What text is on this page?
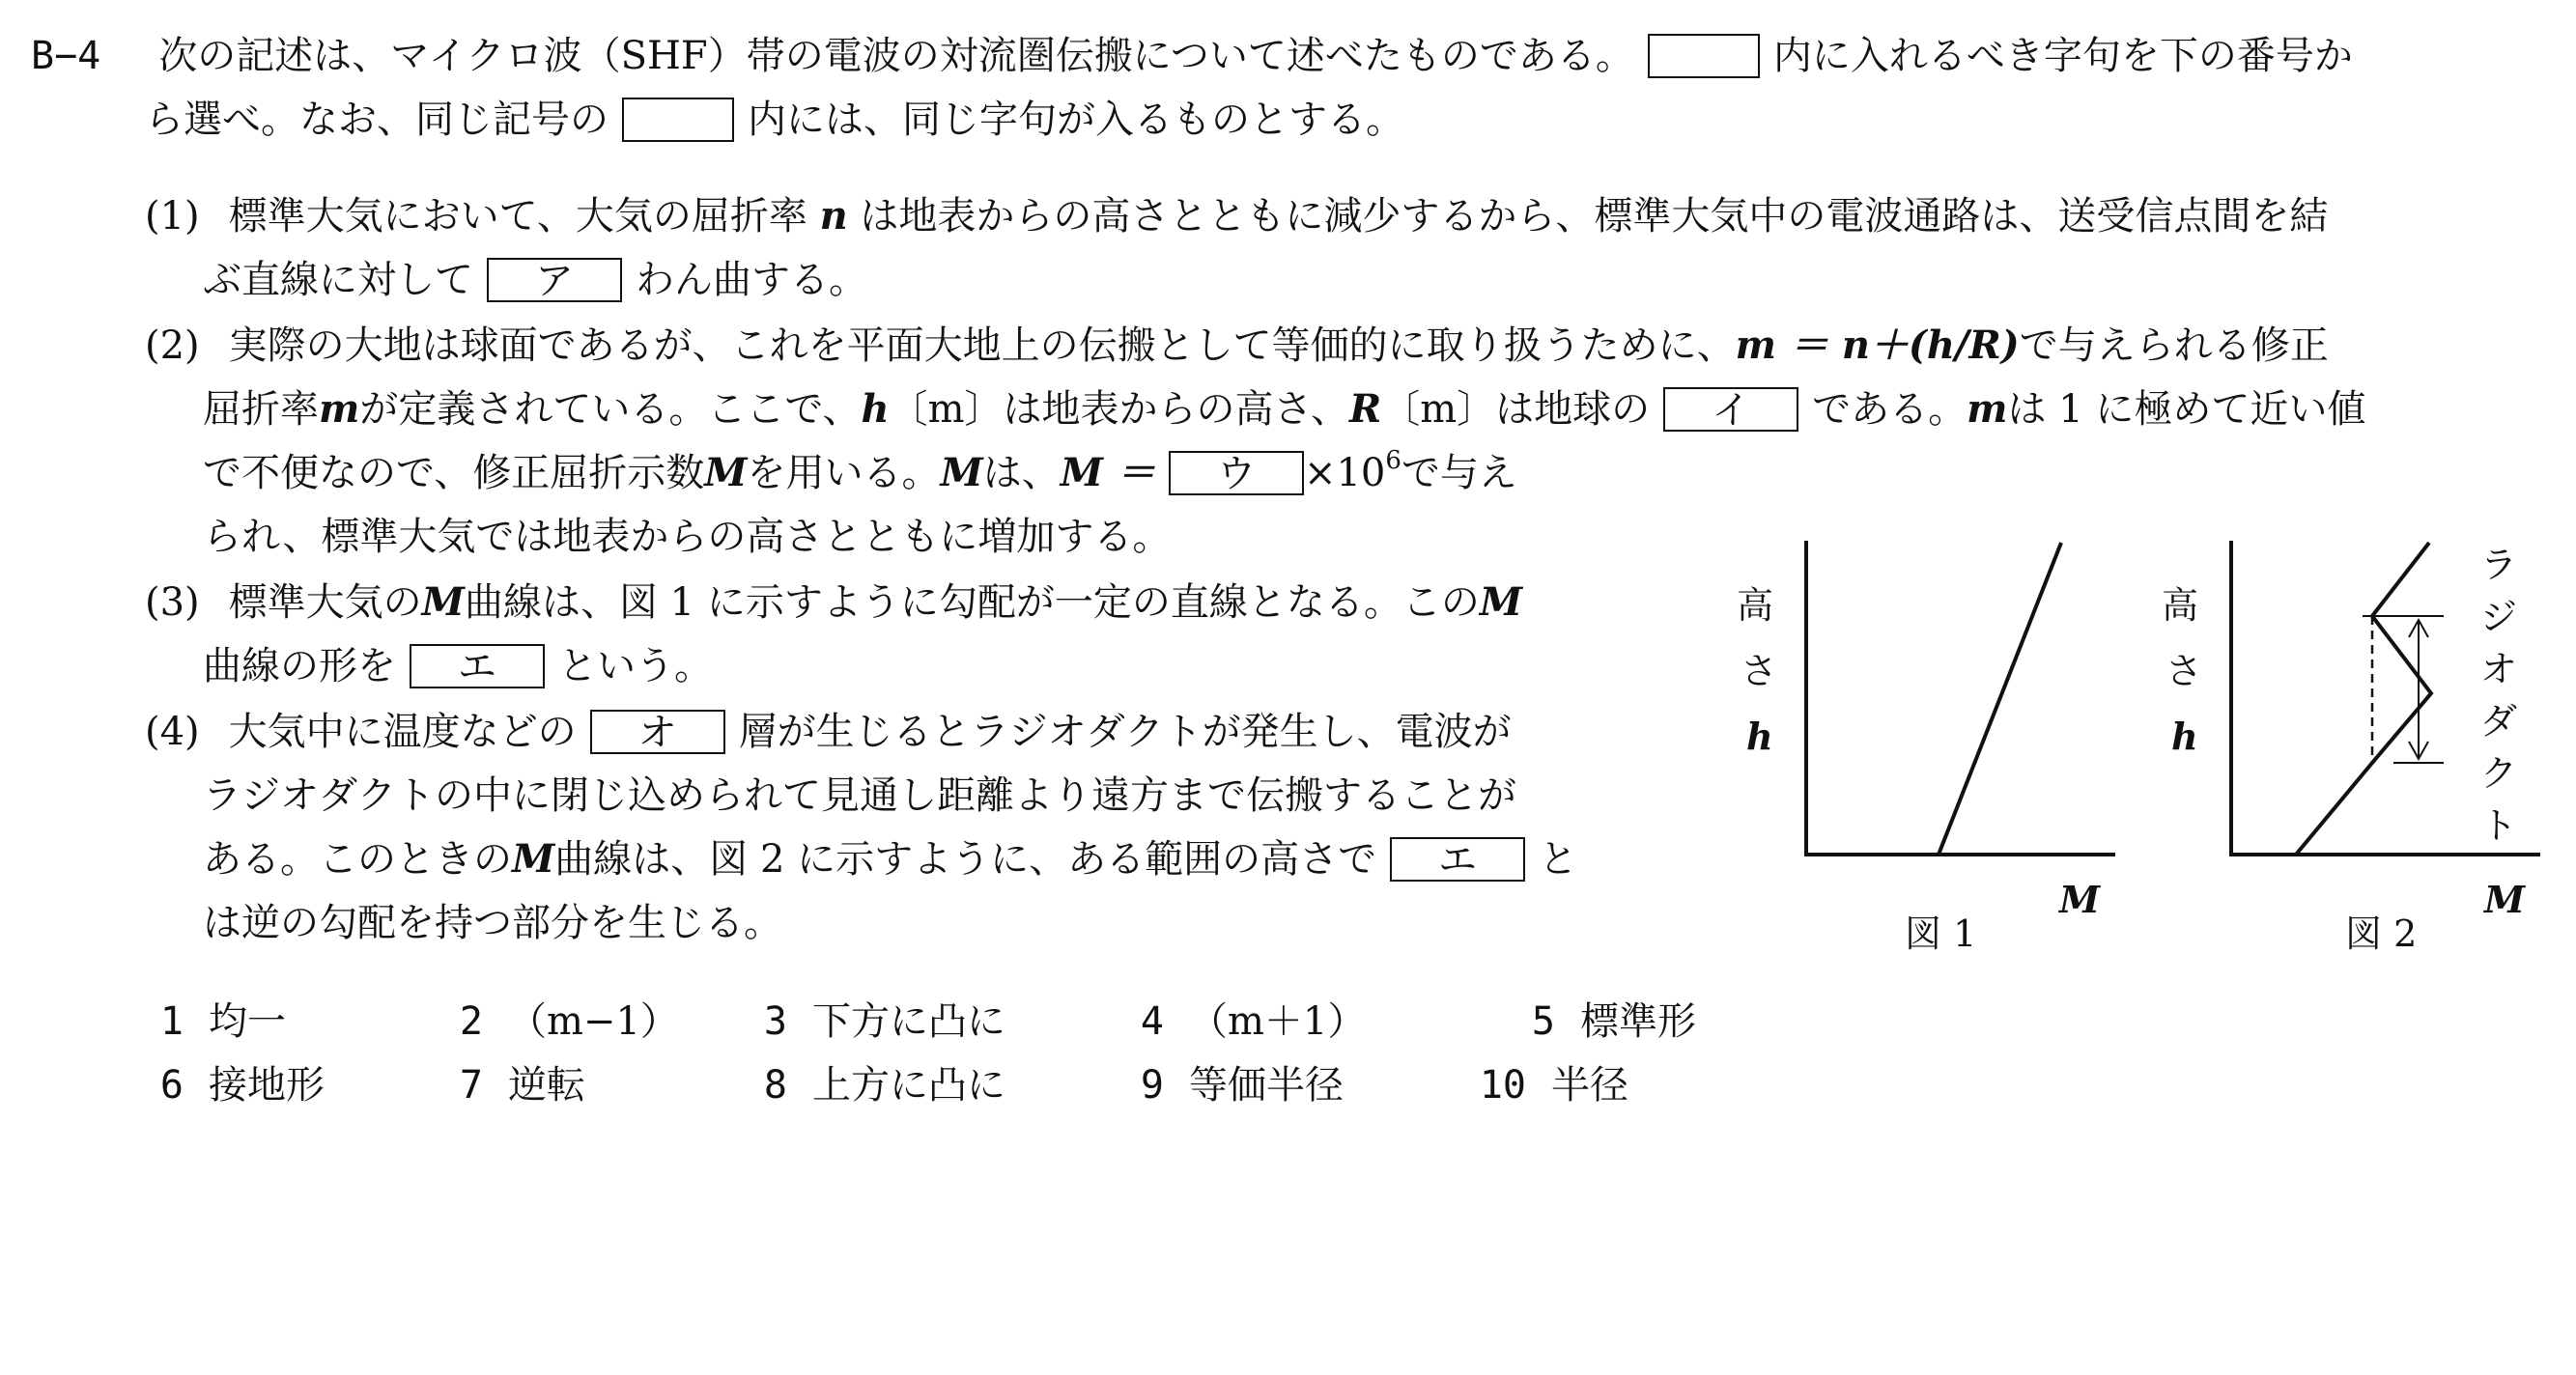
B−4 次の記述は、マイクロ波（SHF）帯の電波の対流圏伝搬について述べたものである。	内に入れるべき字句を下の番号か
ら選べ。なお、同じ記号の	内には、同じ字句が入るものとする。
(1) 標準大気において、大気の屈折率 n は地表からの高さとともに減少するから、標準大気中の電波通路は、送受信点間を結
ぶ直線に対して ア わん曲する。
(2) 実際の大地は球面であるが、これを平面大地上の伝搬として等価的に取り扱うために、m ＝ n＋(h/R)で与えられる修正
屈折率mが定義されている。ここで、h〔m〕は地表からの高さ、R〔m〕は地球の イ である。mは 1 に極めて近い値
で不便なので、修正屈折示数Mを用いる。Mは、M ＝ ウ $\times 10^6$で与え
られ、標準大気では地表からの高さとともに増加する。
(3) 標準大気のM曲線は、図 1 に示すように勾配が一定の直線となる。このM
曲線の形を エ という。
(4) 大気中に温度などの オ 層が生じるとラジオダクトが発生し、電波が
ラジオダクトの中に閉じ込められて見通し距離より遠方まで伝搬することが
ある。このときのM曲線は、図 2 に示すように、ある範囲の高さで エ と
は逆の勾配を持つ部分を生じる。
高
さ
h
M
図 1
高
さ
h
ラ
ジ
オ
ダ
ク
ト
M
図 2
1 均一	2 （m−1）	3 下方に凸に	4 （m＋1）	5 標準形
6 接地形	7 逆転	8 上方に凸に	9 等価半径	10 半径
